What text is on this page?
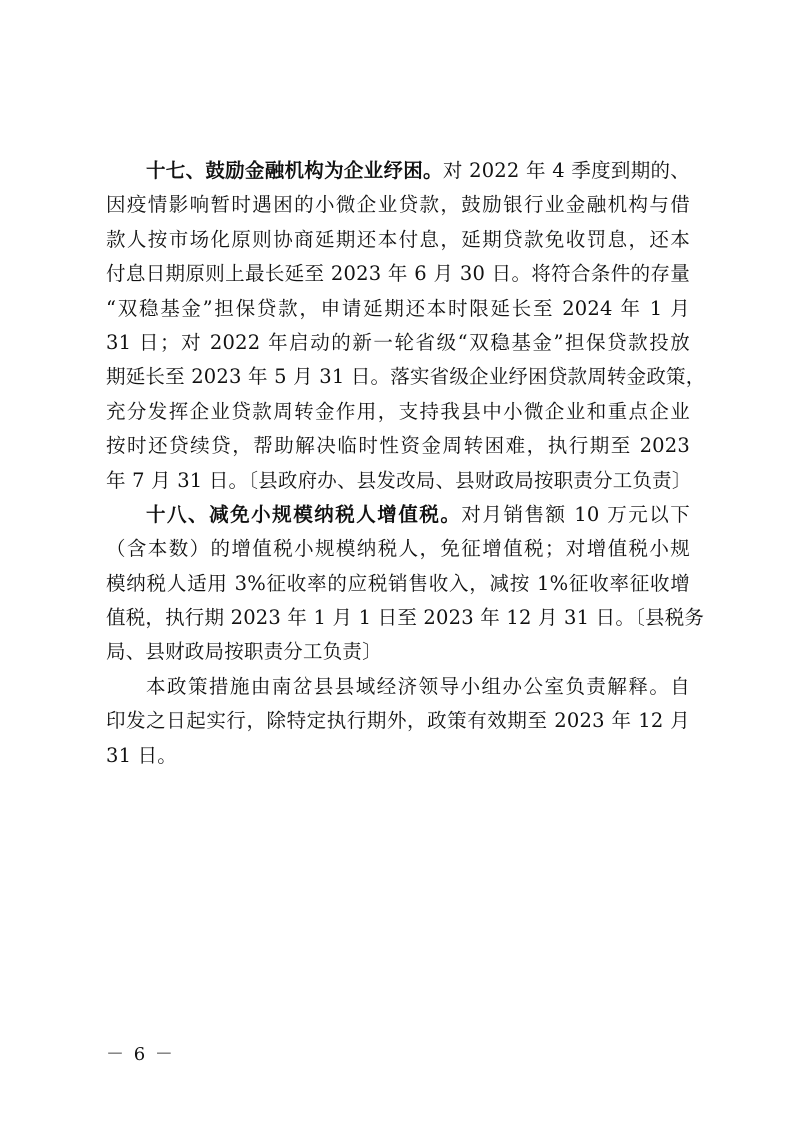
十七、鼓励金融机构为企业纾困。对 2022 年 4 季度到期的、
因疫情影响暂时遇困的小微企业贷款，鼓励银行业金融机构与借
款人按市场化原则协商延期还本付息，延期贷款免收罚息，还本
付息日期原则上最长延至 2023 年 6 月 30 日。将符合条件的存量
“双稳基金”担保贷款，申请延期还本时限延长至 2024 年 1 月
31 日；对 2022 年启动的新一轮省级“双稳基金”担保贷款投放
期延长至 2023 年 5 月 31 日。落实省级企业纾困贷款周转金政策，
充分发挥企业贷款周转金作用，支持我县中小微企业和重点企业
按时还贷续贷，帮助解决临时性资金周转困难，执行期至 2023
年 7 月 31 日。〔县政府办、县发改局、县财政局按职责分工负责〕
十八、减免小规模纳税人增值税。对月销售额 10 万元以下
（含本数）的增值税小规模纳税人，免征增值税；对增值税小规
模纳税人适用 3%征收率的应税销售收入，减按 1%征收率征收增
值税，执行期 2023 年 1 月 1 日至 2023 年 12 月 31 日。〔县税务
局、县财政局按职责分工负责〕
本政策措施由南岔县县域经济领导小组办公室负责解释。自
印发之日起实行，除特定执行期外，政策有效期至 2023 年 12 月
31 日。
－ 6 －
